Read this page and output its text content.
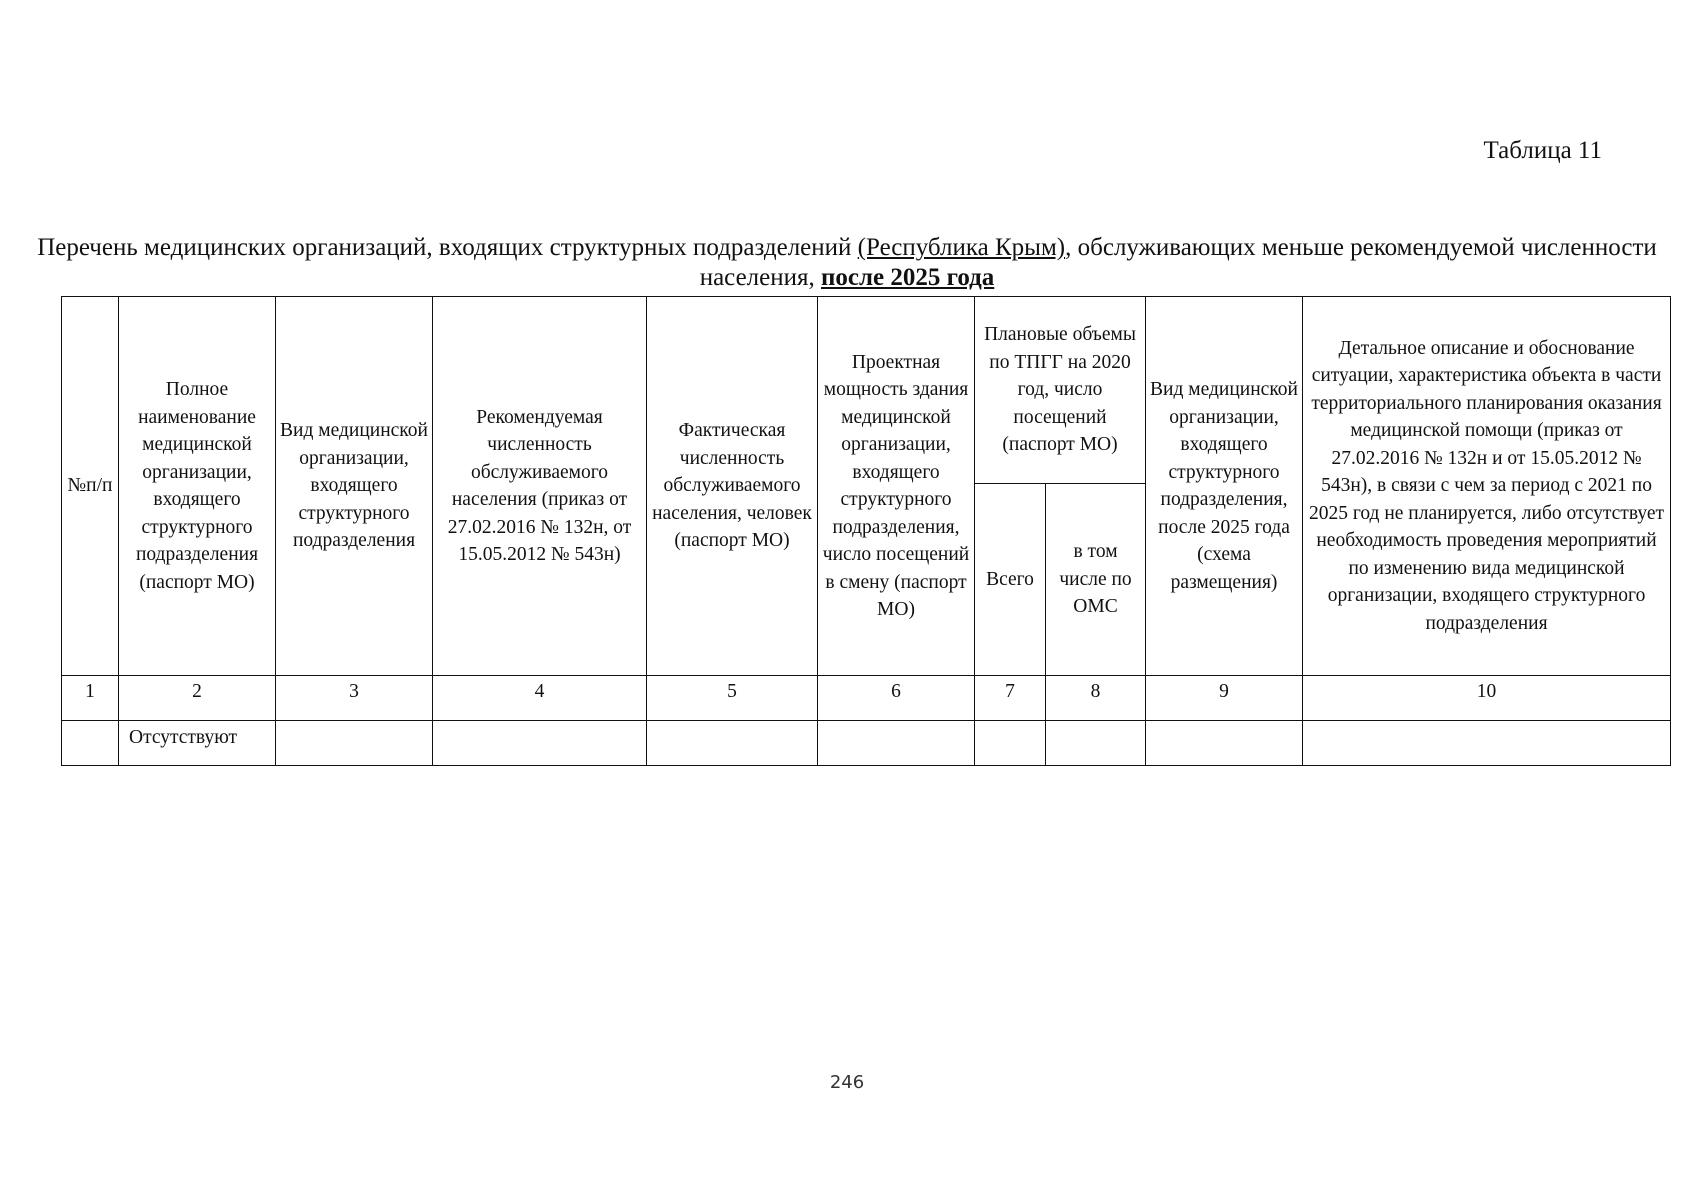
Таблица 11
Перечень медицинских организаций, входящих структурных подразделений (Республика Крым), обслуживающих меньше рекомендуемой численности населения, после 2025 года
№п/п	Полное наименование медицинской организации, входящего структурного подразделения (паспорт МО)	Вид медицинской организации, входящего структурного подразделения	Рекомендуемая численность обслуживаемого населения (приказ от 27.02.2016 № 132н, от 15.05.2012 № 543н)	Фактическая численность обслуживаемого населения, человек (паспорт МО)	Проектная мощность здания медицинской организации, входящего структурного подразделения, число посещений в смену (паспорт МО)	Плановые объемы по ТПГГ на 2020 год, число посещений (паспорт МО)		Вид медицинской организации, входящего структурного подразделения, после 2025 года (схема размещения)	Детальное описание и обоснование ситуации, характеристика объекта в части территориального планирования оказания медицинской помощи (приказ от 27.02.2016 № 132н и от 15.05.2012 № 543н), в связи с чем за период с 2021 по 2025 год не планируется, либо отсутствует необходимость проведения мероприятий по изменению вида медицинской организации, входящего структурного подразделения
						Всего	в том числе по ОМС		
1	2	3	4	5	6	7	8	9	10
	Отсутствуют								
246
